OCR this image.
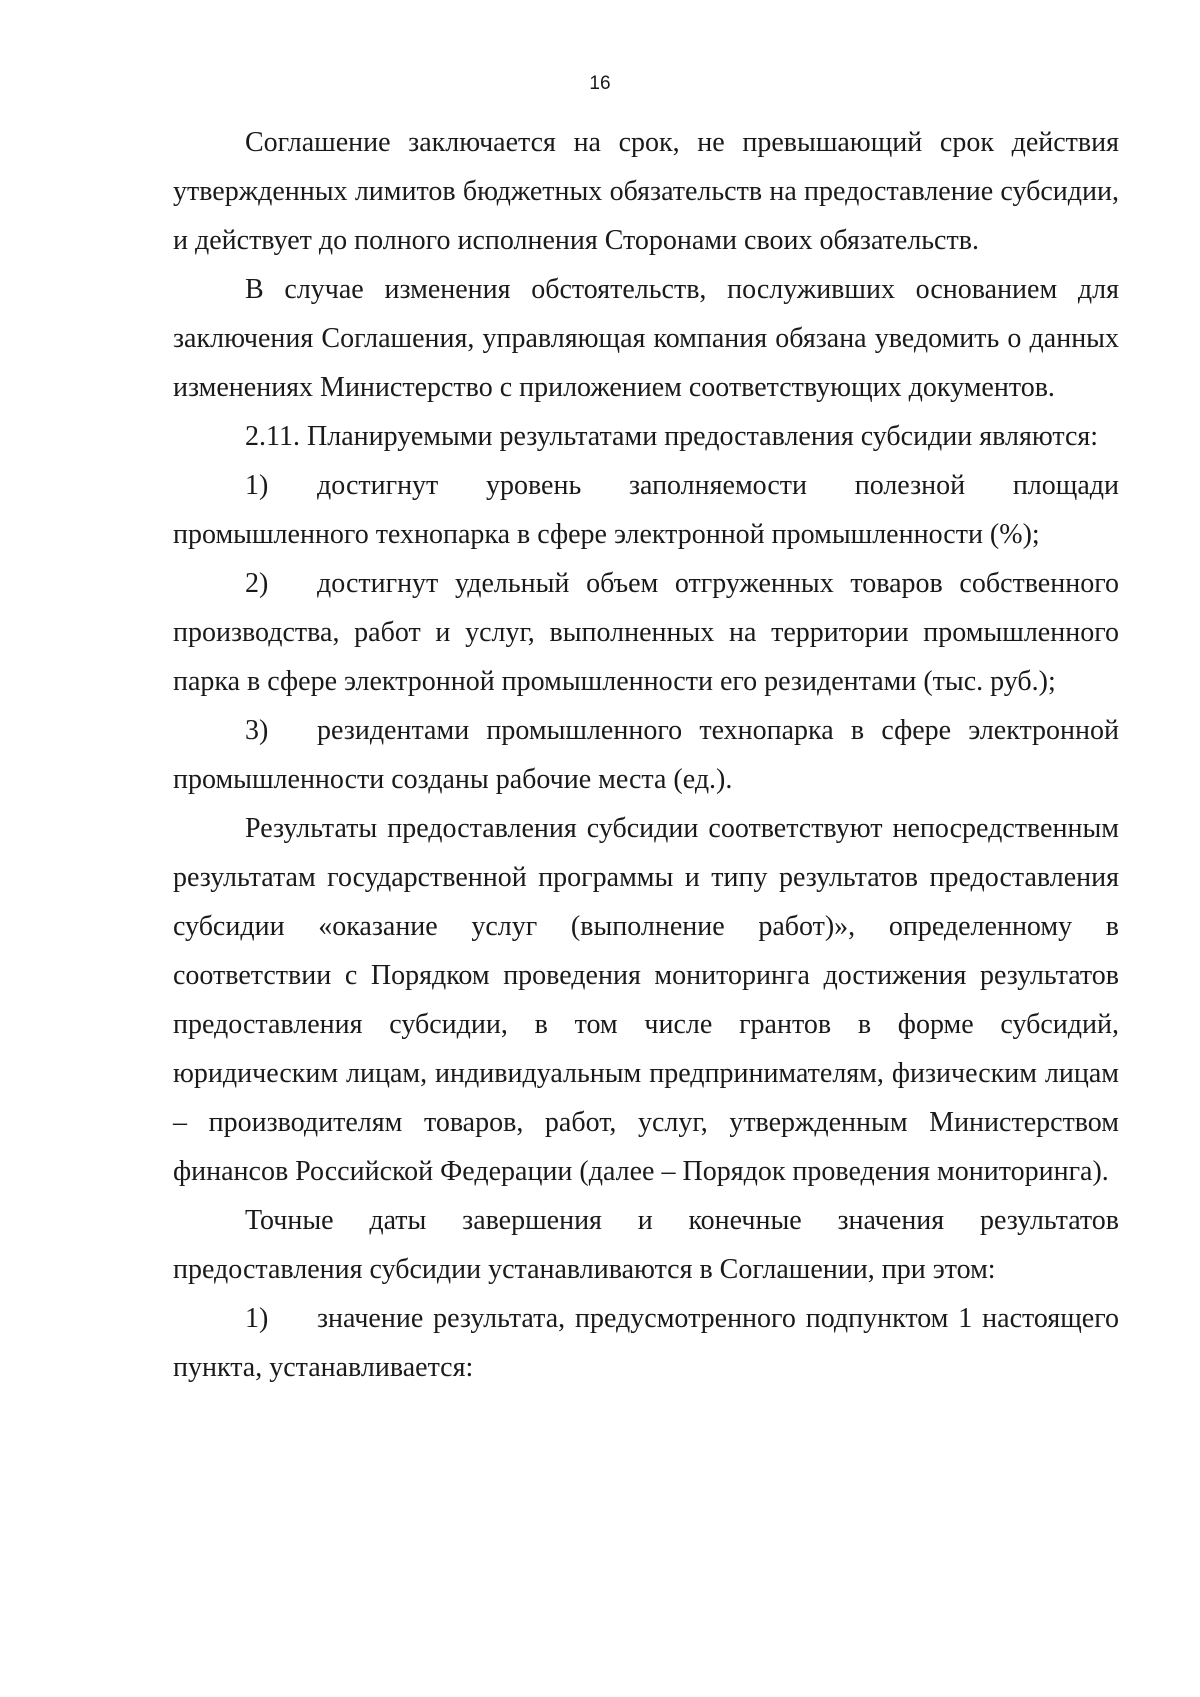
16

Соглашение заключается на срок, не превышающий срок действия утвержденных лимитов бюджетных обязательств на предоставление субсидии, и действует до полного исполнения Сторонами своих обязательств.

В случае изменения обстоятельств, послуживших основанием для заключения Соглашения, управляющая компания обязана уведомить о данных изменениях Министерство с приложением соответствующих документов.

2.11. Планируемыми результатами предоставления субсидии являются:

1) достигнут уровень заполняемости полезной площади промышленного технопарка в сфере электронной промышленности (%);

2) достигнут удельный объем отгруженных товаров собственного производства, работ и услуг, выполненных на территории промышленного парка в сфере электронной промышленности его резидентами (тыс. руб.);

3) резидентами промышленного технопарка в сфере электронной промышленности созданы рабочие места (ед.).

Результаты предоставления субсидии соответствуют непосредственным результатам государственной программы и типу результатов предоставления субсидии «оказание услуг (выполнение работ)», определенному в соответствии с Порядком проведения мониторинга достижения результатов предоставления субсидии, в том числе грантов в форме субсидий, юридическим лицам, индивидуальным предпринимателям, физическим лицам – производителям товаров, работ, услуг, утвержденным Министерством финансов Российской Федерации (далее – Порядок проведения мониторинга).

Точные даты завершения и конечные значения результатов предоставления субсидии устанавливаются в Соглашении, при этом:

1) значение результата, предусмотренного подпунктом 1 настоящего пункта, устанавливается:
